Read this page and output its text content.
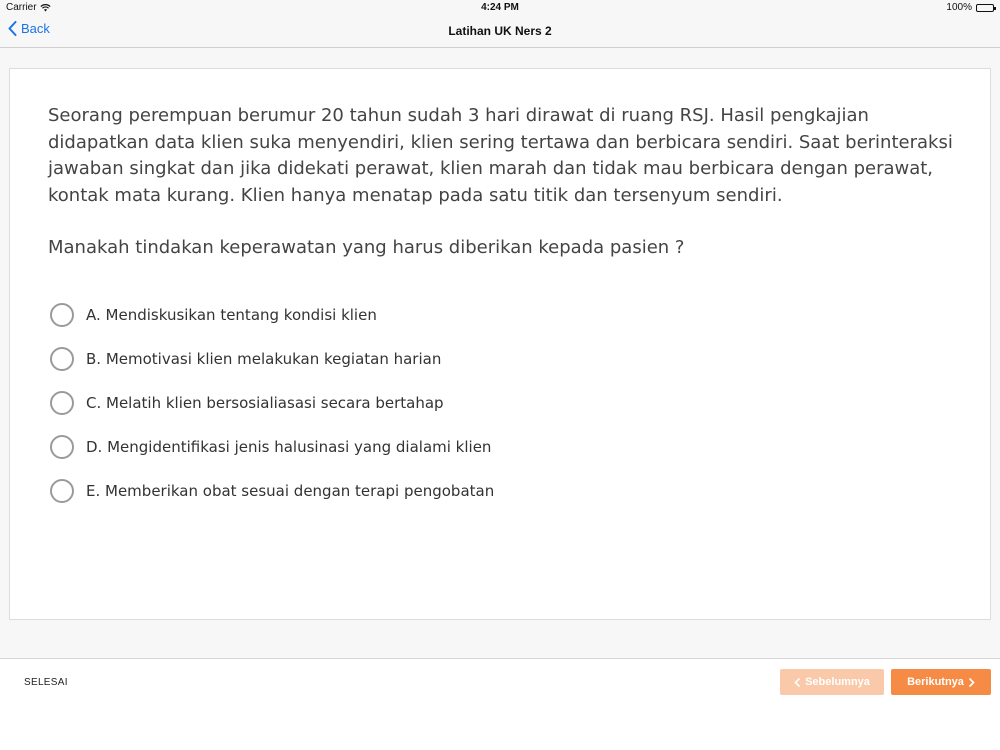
Carrier	4:24 PM	100%
Back	Latihan UK Ners 2
Seorang perempuan berumur 20 tahun sudah 3 hari dirawat di ruang RSJ. Hasil pengkajian didapatkan data klien suka menyendiri, klien sering tertawa dan berbicara sendiri. Saat berinteraksi jawaban singkat dan jika didekati perawat, klien marah dan tidak mau berbicara dengan perawat, kontak mata kurang. Klien hanya menatap pada satu titik dan tersenyum sendiri.
Manakah tindakan keperawatan yang harus diberikan kepada pasien ?
A. Mendiskusikan tentang kondisi klien
B. Memotivasi klien melakukan kegiatan harian
C. Melatih klien bersosialiasasi secara bertahap
D. Mengidentifikasi jenis halusinasi yang dialami klien
E. Memberikan obat sesuai dengan terapi pengobatan
SELESAI	Sebelumnya	Berikutnya
